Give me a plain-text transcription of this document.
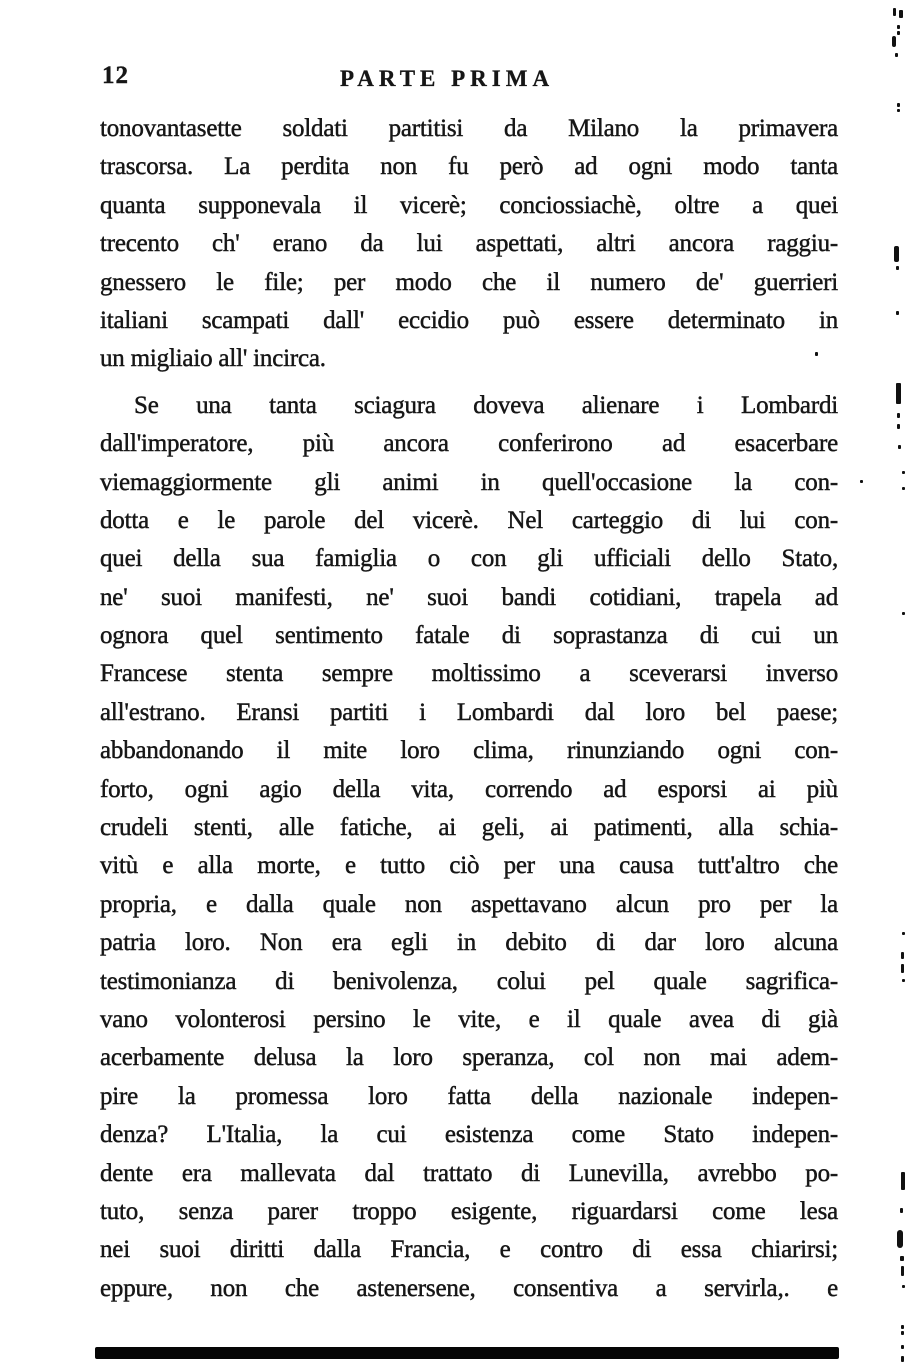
12	PARTE PRIMA
tonovantasette soldati partitisi da Milano la primavera
trascorsa. La perdita non fu però ad ogni modo tanta
quanta supponevala il vicerè; conciossiachè, oltre a quei
trecento ch' erano da lui aspettati, altri ancora raggiu-
gnessero le file; per modo che il numero de' guerrieri
italiani scampati dall' eccidio può essere determinato in
un migliaio all' incirca.
Se una tanta sciagura doveva alienare i Lombardi
dall'imperatore, più ancora conferirono ad esacerbare
viemaggiormente gli animi in quell'occasione la con-
dotta e le parole del vicerè. Nel carteggio di lui con-
quei della sua famiglia o con gli ufficiali dello Stato,
ne' suoi manifesti, ne' suoi bandi cotidiani, trapela ad
ognora quel sentimento fatale di soprastanza di cui un
Francese stenta sempre moltissimo a sceverarsi inverso
all'estrano. Eransi partiti i Lombardi dal loro bel paese;
abbandonando il mite loro clima, rinunziando ogni con-
forto, ogni agio della vita, correndo ad esporsi ai più
crudeli stenti, alle fatiche, ai geli, ai patimenti, alla schia-
vitù e alla morte, e tutto ciò per una causa tutt'altro che
propria, e dalla quale non aspettavano alcun pro per la
patria loro. Non era egli in debito di dar loro alcuna
testimonianza di benivolenza, colui pel quale sagrifica-
vano volonterosi persino le vite, e il quale avea di già
acerbamente delusa la loro speranza, col non mai adem-
pire la promessa loro fatta della nazionale indepen-
denza? L'Italia, la cui esistenza come Stato indepen-
dente era mallevata dal trattato di Lunevilla, avrebbo po-
tuto, senza parer troppo esigente, riguardarsi come lesa
nei suoi diritti dalla Francia, e contro di essa chiarirsi;
eppure, non che astenersene, consentiva a servirla,. e
